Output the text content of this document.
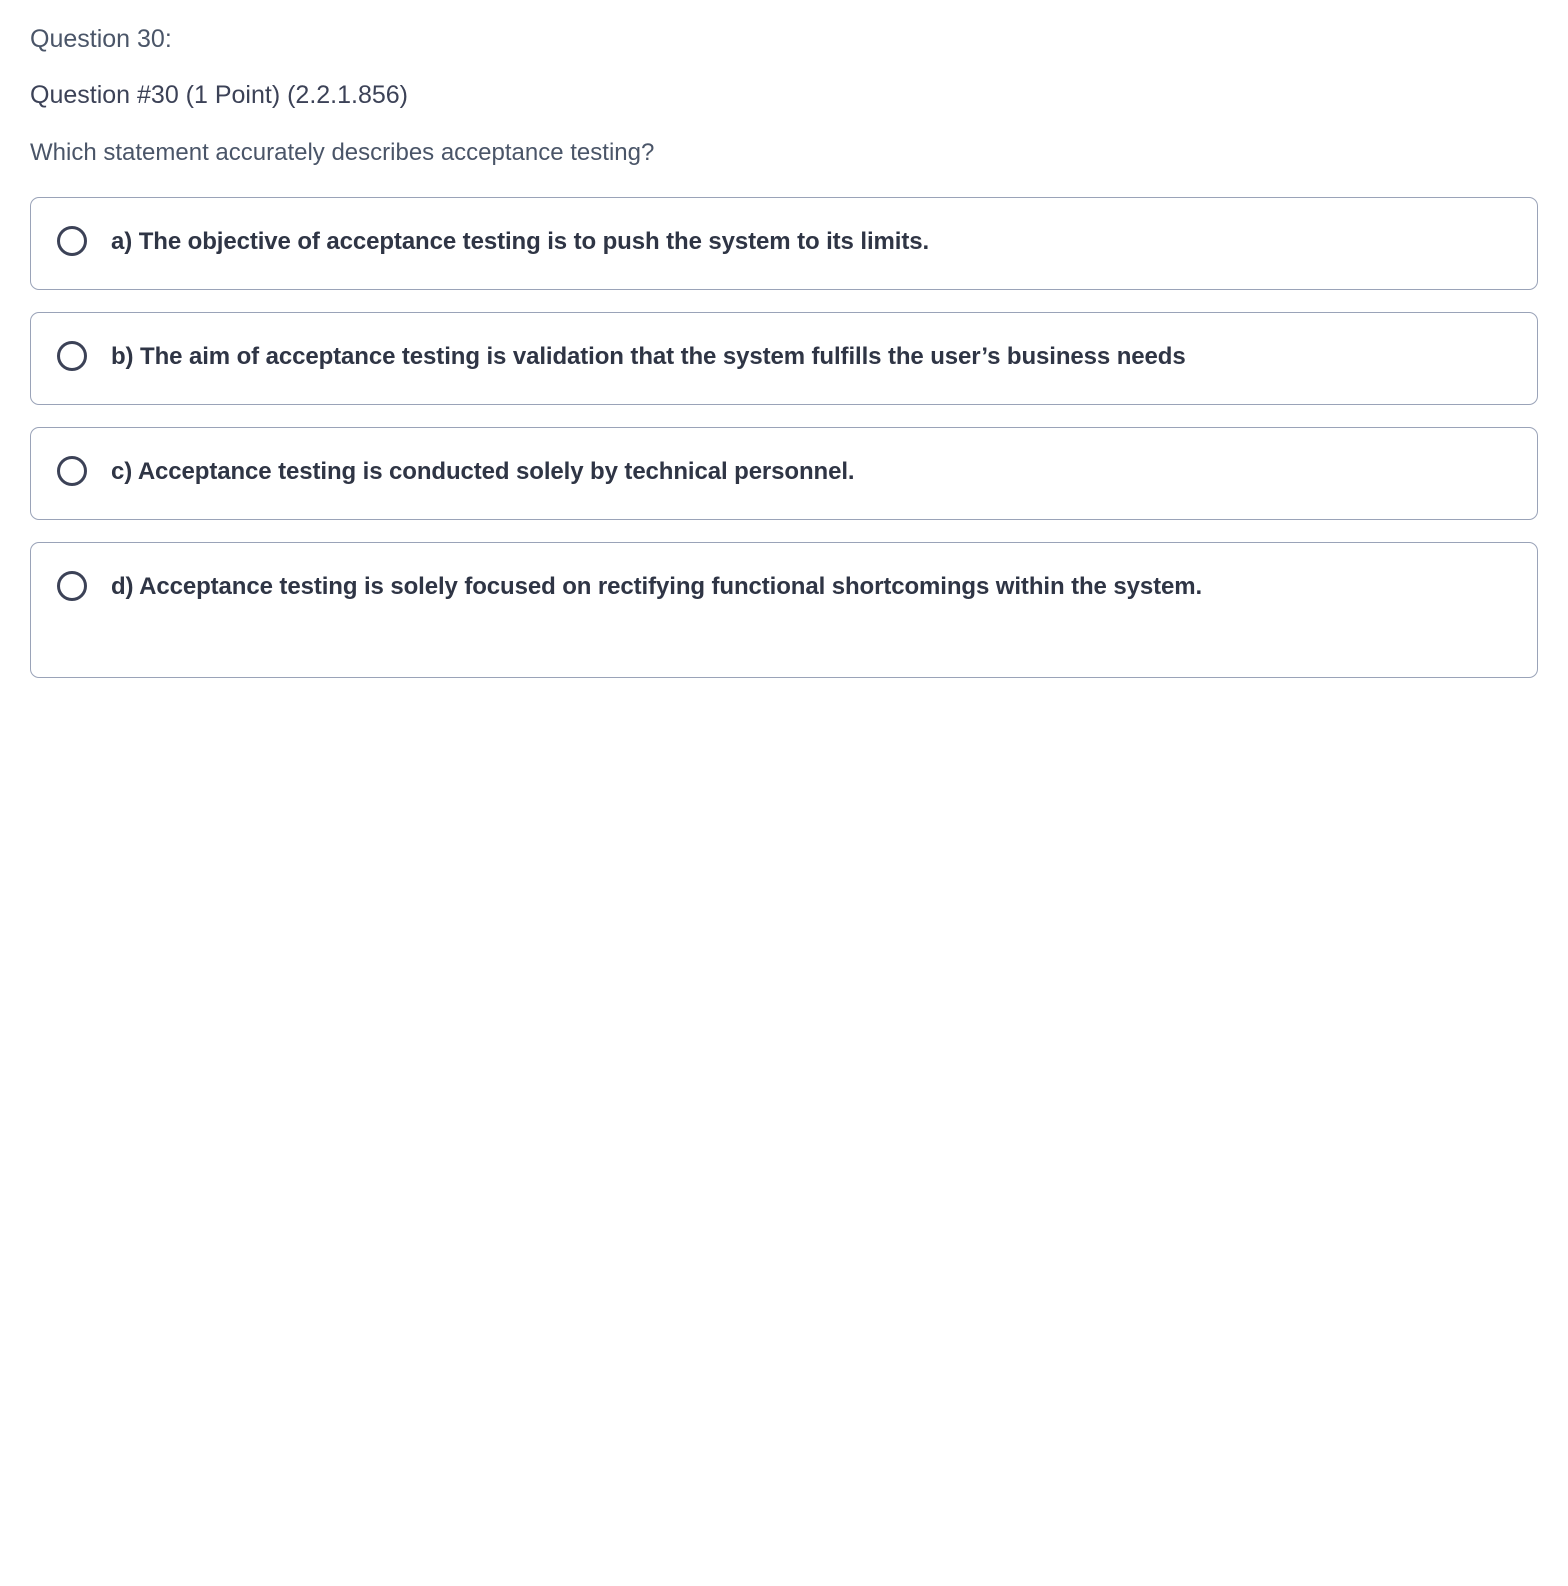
Question 30:
Question #30 (1 Point) (2.2.1.856)
Which statement accurately describes acceptance testing?
a) The objective of acceptance testing is to push the system to its limits.
b) The aim of acceptance testing is validation that the system fulfills the user’s business needs
c) Acceptance testing is conducted solely by technical personnel.
d) Acceptance testing is solely focused on rectifying functional shortcomings within the system.
